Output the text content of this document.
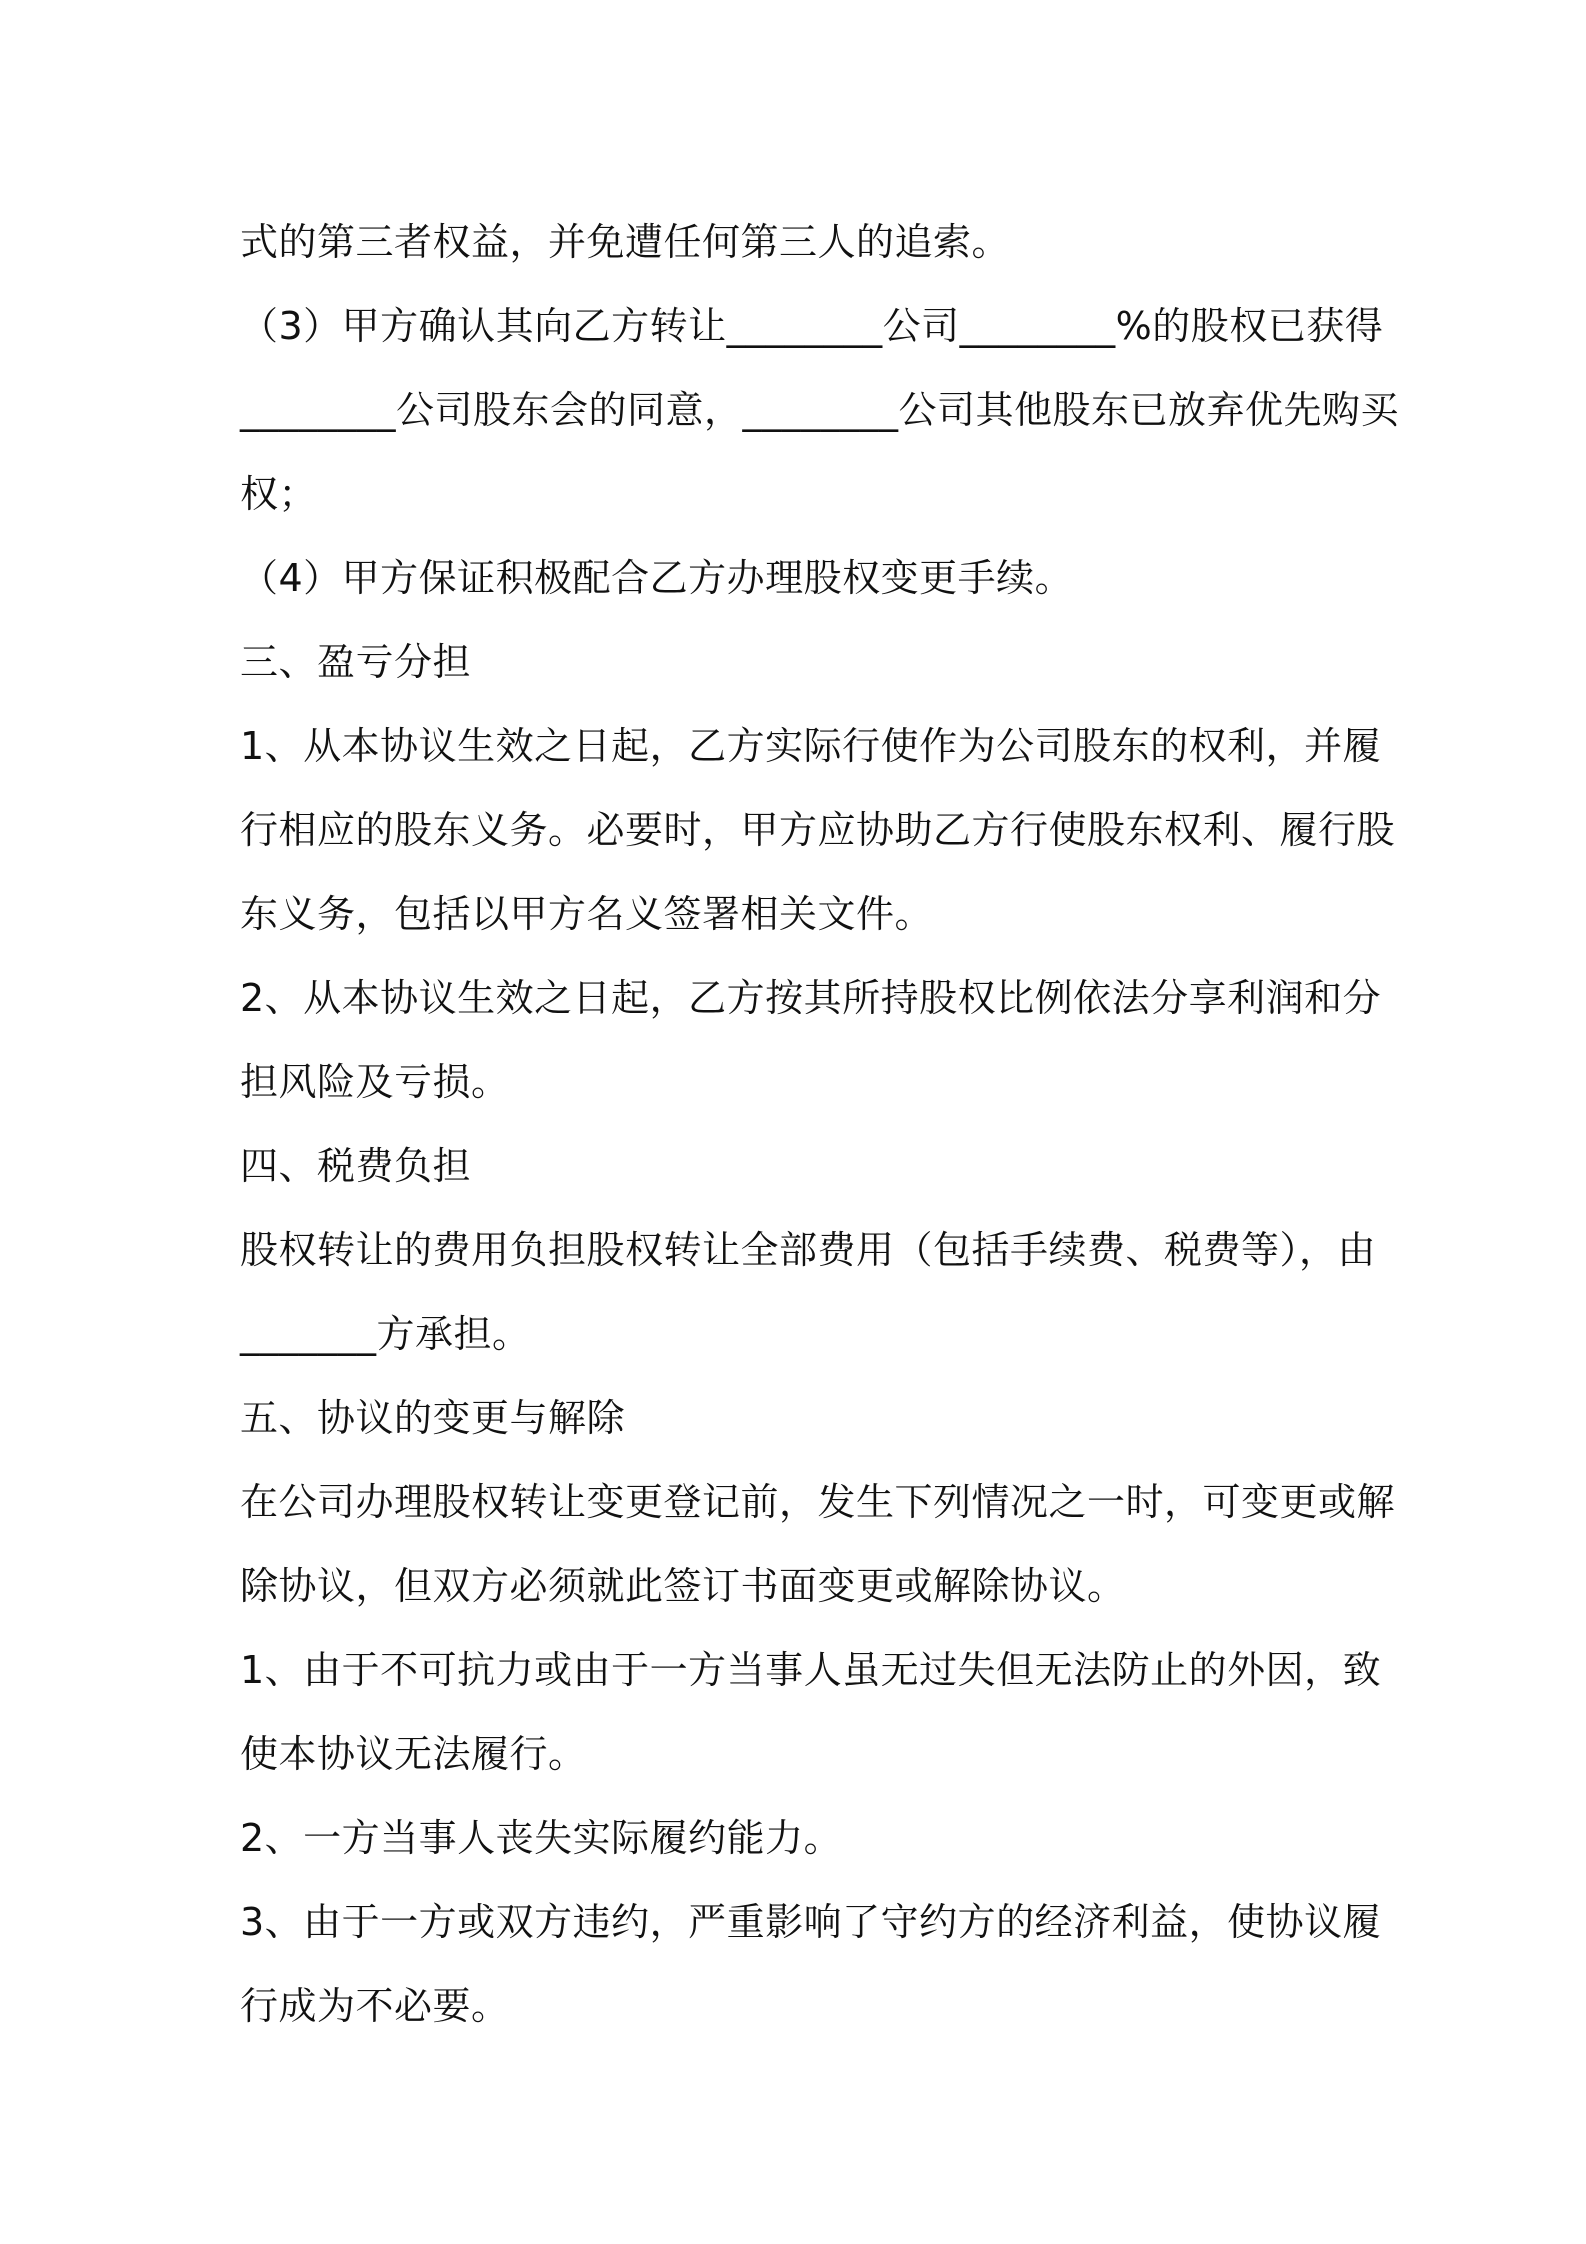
式的第三者权益，并免遭任何第三人的追索。
（3）甲方确认其向乙方转让________公司________%的股权已获得
________公司股东会的同意，________公司其他股东已放弃优先购买
权；
（4）甲方保证积极配合乙方办理股权变更手续。
三、盈亏分担
1、从本协议生效之日起，乙方实际行使作为公司股东的权利，并履
行相应的股东义务。必要时，甲方应协助乙方行使股东权利、履行股
东义务，包括以甲方名义签署相关文件。
2、从本协议生效之日起，乙方按其所持股权比例依法分享利润和分
担风险及亏损。
四、税费负担
股权转让的费用负担股权转让全部费用（包括手续费、税费等），由
_______方承担。
五、协议的变更与解除
在公司办理股权转让变更登记前，发生下列情况之一时，可变更或解
除协议，但双方必须就此签订书面变更或解除协议。
1、由于不可抗力或由于一方当事人虽无过失但无法防止的外因，致
使本协议无法履行。
2、一方当事人丧失实际履约能力。
3、由于一方或双方违约，严重影响了守约方的经济利益，使协议履
行成为不必要。
